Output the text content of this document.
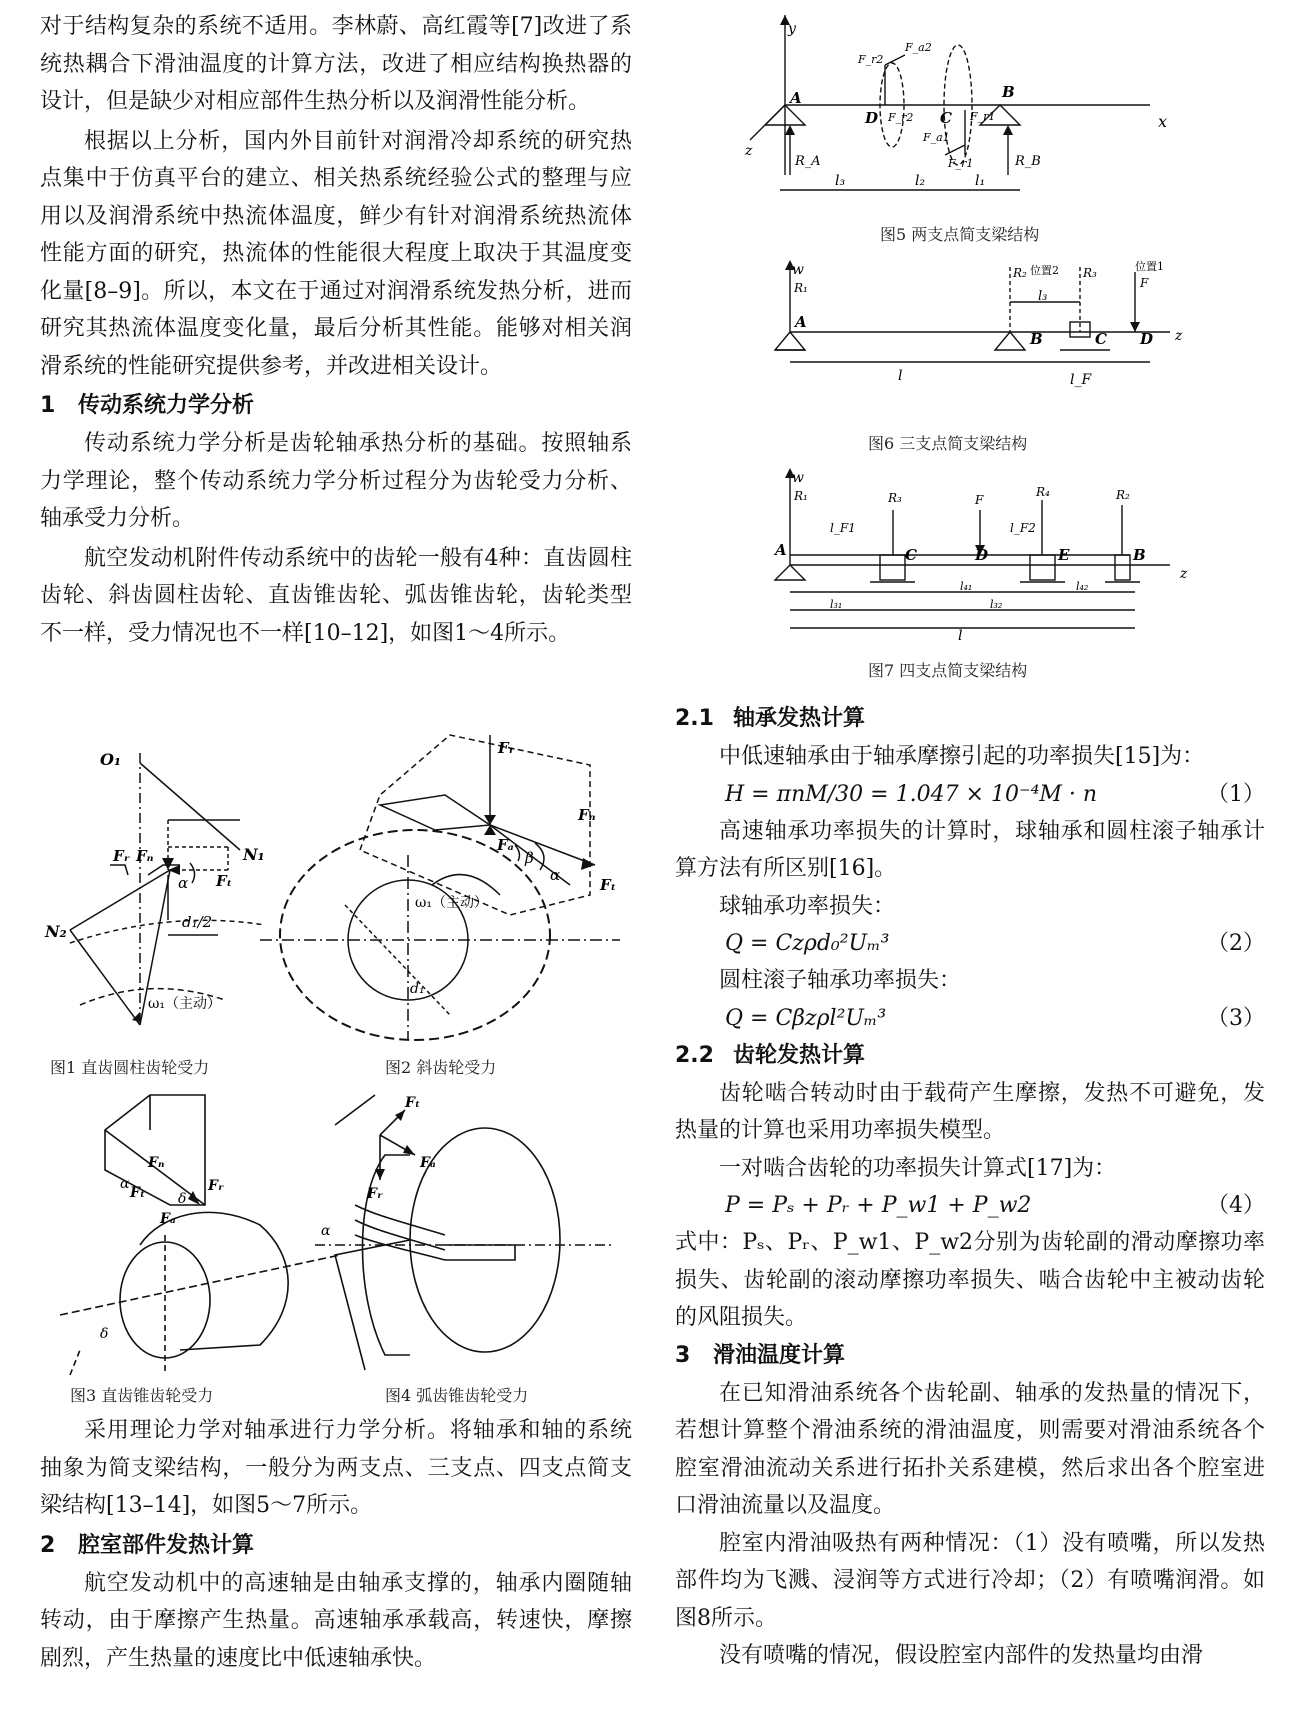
对于结构复杂的系统不适用。李林蔚、高红霞等[7]改进了系统热耦合下滑油温度的计算方法，改进了相应结构换热器的设计，但是缺少对相应部件生热分析以及润滑性能分析。

根据以上分析，国内外目前针对润滑冷却系统的研究热点集中于仿真平台的建立、相关热系统经验公式的整理与应用以及润滑系统中热流体温度，鲜少有针对润滑系统热流体性能方面的研究，热流体的性能很大程度上取决于其温度变化量[8–9]。所以，本文在于通过对润滑系统发热分析，进而研究其热流体温度变化量，最后分析其性能。能够对相关润滑系统的性能研究提供参考，并改进相关设计。

1 传动系统力学分析

传动系统力学分析是齿轮轴承热分析的基础。按照轴系力学理论，整个传动系统力学分析过程分为齿轮受力分析、轴承受力分析。

航空发动机附件传动系统中的齿轮一般有4种：直齿圆柱齿轮、斜齿圆柱齿轮、直齿锥齿轮、弧齿锥齿轮，齿轮类型不一样，受力情况也不一样[10–12]，如图1～4所示。

O₁
N₁
N₂
Fᵣ Fₙ
α Fₜ
d₁/2
ω₁（主动）
图1 直齿圆柱齿轮受力
Fᵣ
Fₙ
Fₐ
Fₜ
β
α
ω₁（主动）
d₁
图2 斜齿轮受力
Fₙ
Fₜ	Fᵣ
Fₐ
α
δ
δ
图3 直齿锥齿轮受力
Fₜ
Fₐ
Fᵣ
α
图4 弧齿锥齿轮受力

采用理论力学对轴承进行力学分析。将轴承和轴的系统抽象为简支梁结构，一般分为两支点、三支点、四支点简支梁结构[13–14]，如图5～7所示。

2 腔室部件发热计算

航空发动机中的高速轴是由轴承支撑的，轴承内圈随轴转动，由于摩擦产生热量。高速轴承承载高，转速快，摩擦剧烈，产生热量的速度比中低速轴承快。

y
z
x
A	B
C
D
R_A	R_B
F_r2
F_a2
F_r2	F_r1
F_a1
F_r1
l₃	l₂	l₁
图5 两支点简支梁结构
w
z
A
B	C D
R₁
R₂	R₃
F
位置2	位置1
l₃
l	l_F
图6 三支点简支梁结构
w
z
A	C	D	E	B
R₁	R₃	F
R₄	R₂
l_F1	l_F2
l₄₁	l₄₂
l₃₁	l₃₂
l
图7 四支点简支梁结构

2.1 轴承发热计算

中低速轴承由于轴承摩擦引起的功率损失[15]为：

H = πnM/30 = 1.047 × 10⁻⁴M · n	（1）

高速轴承功率损失的计算时，球轴承和圆柱滚子轴承计算方法有所区别[16]。

球轴承功率损失：

Q = Czρd₀²Uₘ³	（2）

圆柱滚子轴承功率损失：

Q = Cβzρl²Uₘ³	（3）

2.2 齿轮发热计算

齿轮啮合转动时由于载荷产生摩擦，发热不可避免，发热量的计算也采用功率损失模型。

一对啮合齿轮的功率损失计算式[17]为：

P = Pₛ + Pᵣ + P_w1 + P_w2	（4）

式中：Pₛ、Pᵣ、P_w1、P_w2分别为齿轮副的滑动摩擦功率损失、齿轮副的滚动摩擦功率损失、啮合齿轮中主被动齿轮的风阻损失。

3 滑油温度计算

在已知滑油系统各个齿轮副、轴承的发热量的情况下，若想计算整个滑油系统的滑油温度，则需要对滑油系统各个腔室滑油流动关系进行拓扑关系建模，然后求出各个腔室进口滑油流量以及温度。

腔室内滑油吸热有两种情况：（1）没有喷嘴，所以发热部件均为飞溅、浸润等方式进行冷却；（2）有喷嘴润滑。如图8所示。

没有喷嘴的情况，假设腔室内部件的发热量均由滑
